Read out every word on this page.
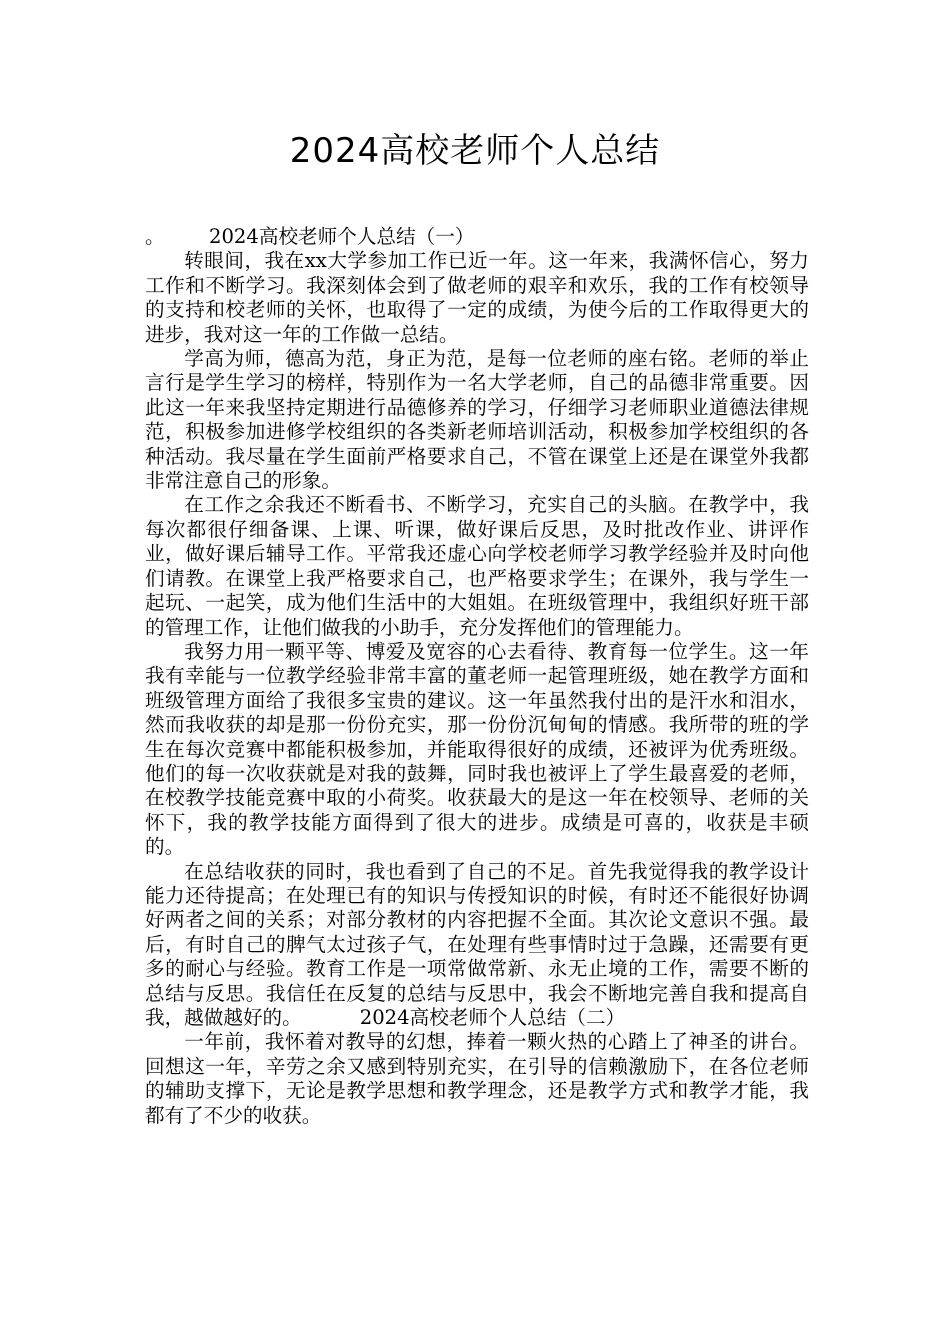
2024高校老师个人总结

。 2024高校老师个人总结（一）

转眼间，我在xx大学参加工作已近一年。这一年来，我满怀信心，努力工作和不断学习。我深刻体会到了做老师的艰辛和欢乐，我的工作有校领导的支持和校老师的关怀，也取得了一定的成绩，为使今后的工作取得更大的进步，我对这一年的工作做一总结。

学高为师，德高为范，身正为范，是每一位老师的座右铭。老师的举止言行是学生学习的榜样，特别作为一名大学老师，自己的品德非常重要。因此这一年来我坚持定期进行品德修养的学习，仔细学习老师职业道德法律规范，积极参加进修学校组织的各类新老师培训活动，积极参加学校组织的各种活动。我尽量在学生面前严格要求自己，不管在课堂上还是在课堂外我都非常注意自己的形象。

在工作之余我还不断看书、不断学习，充实自己的头脑。在教学中，我每次都很仔细备课、上课、听课，做好课后反思，及时批改作业、讲评作业，做好课后辅导工作。平常我还虚心向学校老师学习教学经验并及时向他们请教。在课堂上我严格要求自己，也严格要求学生；在课外，我与学生一起玩、一起笑，成为他们生活中的大姐姐。在班级管理中，我组织好班干部的管理工作，让他们做我的小助手，充分发挥他们的管理能力。

我努力用一颗平等、博爱及宽容的心去看待、教育每一位学生。这一年我有幸能与一位教学经验非常丰富的董老师一起管理班级，她在教学方面和班级管理方面给了我很多宝贵的建议。这一年虽然我付出的是汗水和泪水，然而我收获的却是那一份份充实，那一份份沉甸甸的情感。我所带的班的学生在每次竞赛中都能积极参加，并能取得很好的成绩，还被评为优秀班级。他们的每一次收获就是对我的鼓舞，同时我也被评上了学生最喜爱的老师，在校教学技能竞赛中取的小荷奖。收获最大的是这一年在校领导、老师的关怀下，我的教学技能方面得到了很大的进步。成绩是可喜的，收获是丰硕的。

在总结收获的同时，我也看到了自己的不足。首先我觉得我的教学设计能力还待提高；在处理已有的知识与传授知识的时候，有时还不能很好协调好两者之间的关系；对部分教材的内容把握不全面。其次论文意识不强。最后，有时自己的脾气太过孩子气，在处理有些事情时过于急躁，还需要有更多的耐心与经验。教育工作是一项常做常新、永无止境的工作，需要不断的总结与反思。我信任在反复的总结与反思中，我会不断地完善自我和提高自我，越做越好的。	2024高校老师个人总结（二）

一年前，我怀着对教导的幻想，捧着一颗火热的心踏上了神圣的讲台。回想这一年，辛劳之余又感到特别充实，在引导的信赖激励下，在各位老师的辅助支撑下，无论是教学思想和教学理念，还是教学方式和教学才能，我都有了不少的收获。
